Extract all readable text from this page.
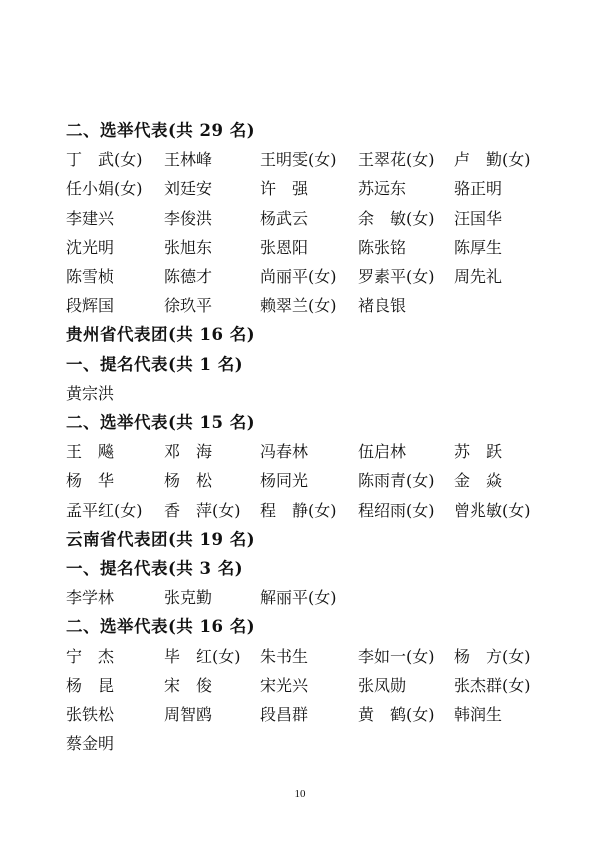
二、选举代表(共 29 名)
丁　武(女) 王林峰	王明雯(女) 王翠花(女) 卢　勤(女)
任小娟(女) 刘廷安	许　强	苏远东	骆正明
李建兴	李俊洪	杨武云	余　敏(女) 汪国华
沈光明	张旭东	张恩阳	陈张铭	陈厚生
陈雪桢	陈德才	尚丽平(女) 罗素平(女) 周先礼
段辉国	徐玖平	赖翠兰(女) 褚良银
贵州省代表团(共 16 名)
一、提名代表(共 1 名)
黄宗洪
二、选举代表(共 15 名)
王　飚	邓　海	冯春林	伍启林	苏　跃
杨　华	杨　松	杨同光	陈雨青(女) 金　焱
孟平红(女) 香　萍(女) 程　静(女) 程绍雨(女) 曾兆敏(女)
云南省代表团(共 19 名)
一、提名代表(共 3 名)
李学林	张克勤	解丽平(女)
二、选举代表(共 16 名)
宁　杰	毕　红(女) 朱书生	李如一(女) 杨　方(女)
杨　昆	宋　俊	宋光兴	张凤勋	张杰群(女)
张铁松	周智鸥	段昌群	黄　鹤(女) 韩润生
蔡金明
10
